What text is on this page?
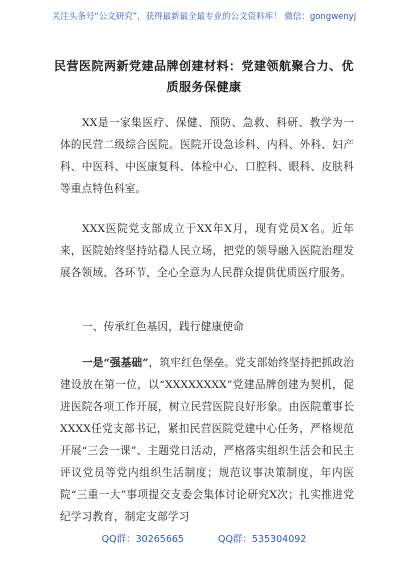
关注头条号“公文研究”，获得最新最全最专业的公文资料库！ 微信：gongwenyj
民营医院两新党建品牌创建材料：党建领航聚合力、优质服务保健康
XX是一家集医疗、保健、预防、急救、科研、教学为一体的民营二级综合医院。医院开设急诊科、内科、外科、妇产科、中医科、中医康复科、体检中心、口腔科、眼科、皮肤科等重点特色科室。
XXX医院党支部成立于XX年X月，现有党员X名。近年来，医院始终坚持站稳人民立场，把党的领导融入医院治理发展各领域、各环节，全心全意为人民群众提供优质医疗服务。
一、传承红色基因，践行健康使命
一是“强基础”，筑牢红色堡垒。党支部始终坚持把抓政治建设放在第一位，以“XXXXXXXX”党建品牌创建为契机，促进医院各项工作开展，树立民营医院良好形象。由医院董事长XXXX任党支部书记，紧扣民营医院党建中心任务，严格规范开展“三会一课”、主题党日活动，严格落实组织生活会和民主评议党员等党内组织生活制度；规范议事决策制度，年内医院“三重一大”事项提交支委会集体讨论研究X次；扎实推进党纪学习教育，制定支部学习
QQ群：30265665	QQ群：535304092
